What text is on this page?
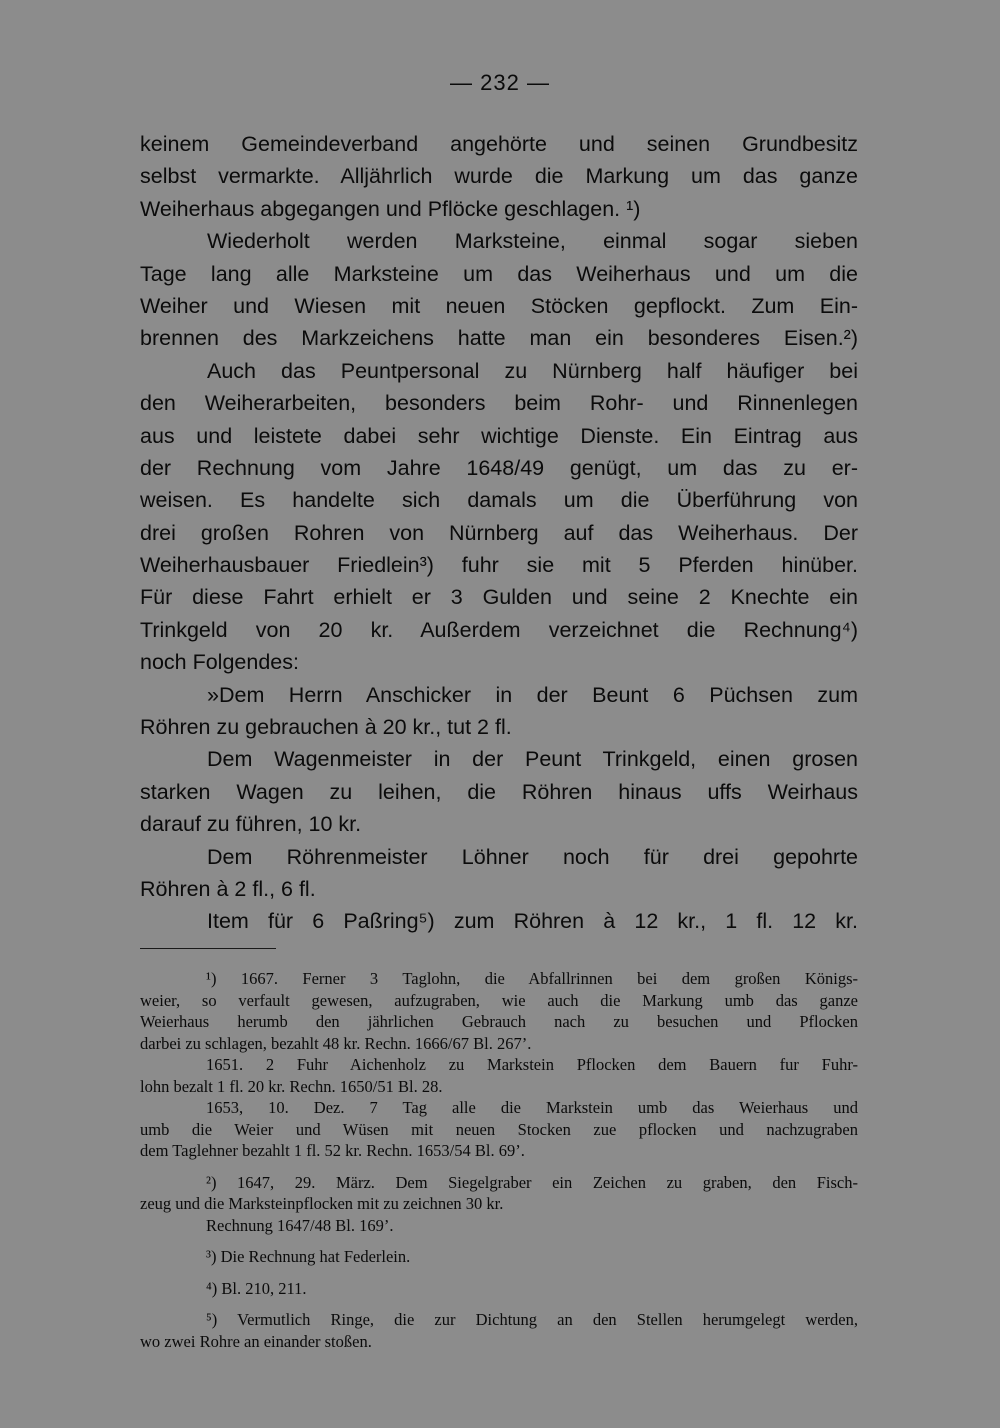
— 232 —
keinem Gemeindeverband angehörte und seinen Grundbesitz
selbst vermarkte. Alljährlich wurde die Markung um das ganze
Weiherhaus abgegangen und Pflöcke geschlagen. ¹)
Wiederholt werden Marksteine, einmal sogar sieben
Tage lang alle Marksteine um das Weiherhaus und um die
Weiher und Wiesen mit neuen Stöcken gepflockt. Zum Ein-
brennen des Markzeichens hatte man ein besonderes Eisen.²)
Auch das Peuntpersonal zu Nürnberg half häufiger bei
den Weiherarbeiten, besonders beim Rohr- und Rinnenlegen
aus und leistete dabei sehr wichtige Dienste. Ein Eintrag aus
der Rechnung vom Jahre 1648/49 genügt, um das zu er-
weisen. Es handelte sich damals um die Überführung von
drei großen Rohren von Nürnberg auf das Weiherhaus. Der
Weiherhausbauer Friedlein³) fuhr sie mit 5 Pferden hinüber.
Für diese Fahrt erhielt er 3 Gulden und seine 2 Knechte ein
Trinkgeld von 20 kr. Außerdem verzeichnet die Rechnung⁴)
noch Folgendes:
»Dem Herrn Anschicker in der Beunt 6 Püchsen zum
Röhren zu gebrauchen à 20 kr., tut 2 fl.
Dem Wagenmeister in der Peunt Trinkgeld, einen grosen
starken Wagen zu leihen, die Röhren hinaus uffs Weirhaus
darauf zu führen, 10 kr.
Dem Röhrenmeister Löhner noch für drei gepohrte
Röhren à 2 fl., 6 fl.
Item für 6 Paßring⁵) zum Röhren à 12 kr., 1 fl. 12 kr.
¹) 1667. Ferner 3 Taglohn, die Abfallrinnen bei dem großen Königs-
weier, so verfault gewesen, aufzugraben, wie auch die Markung umb das ganze
Weierhaus herumb den jährlichen Gebrauch nach zu besuchen und Pflocken
darbei zu schlagen, bezahlt 48 kr. Rechn. 1666/67 Bl. 267’.
1651. 2 Fuhr Aichenholz zu Markstein Pflocken dem Bauern fur Fuhr-
lohn bezalt 1 fl. 20 kr. Rechn. 1650/51 Bl. 28.
1653, 10. Dez. 7 Tag alle die Markstein umb das Weierhaus und
umb die Weier und Wüsen mit neuen Stocken zue pflocken und nachzugraben
dem Taglehner bezahlt 1 fl. 52 kr. Rechn. 1653/54 Bl. 69’.
²) 1647, 29. März. Dem Siegelgraber ein Zeichen zu graben, den Fisch-
zeug und die Marksteinpflocken mit zu zeichnen 30 kr.
Rechnung 1647/48 Bl. 169’.
³) Die Rechnung hat Federlein.
⁴) Bl. 210, 211.
⁵) Vermutlich Ringe, die zur Dichtung an den Stellen herumgelegt werden,
wo zwei Rohre an einander stoßen.
